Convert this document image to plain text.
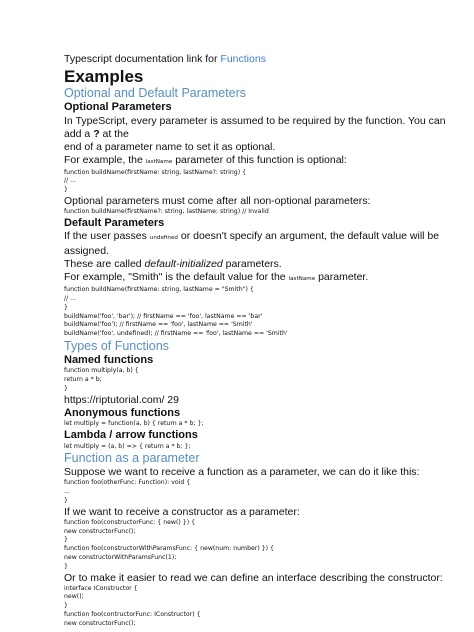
Typescript documentation link for Functions

Examples
Optional and Default Parameters
Optional Parameters

In TypeScript, every parameter is assumed to be required by the function. You can

add a ? at the

end of a parameter name to set it as optional.

For example, the lastName parameter of this function is optional:

function buildName(firstName: string, lastName?: string) {
// ...
}

Optional parameters must come after all non-optional parameters:

function buildName(firstName?: string, lastName: string) // Invalid
Default Parameters

If the user passes undefined or doesn't specify an argument, the default value will be

assigned.

These are called default-initialized parameters.

For example, "Smith" is the default value for the lastName parameter.

function buildName(firstName: string, lastName = "Smith") {
// ...
}
buildName('foo', 'bar'); // firstName == 'foo', lastName == 'bar'
buildName('foo'); // firstName == 'foo', lastName == 'Smith'
buildName('foo', undefined); // firstName == 'foo', lastName == 'Smith'
Types of Functions
Named functions
function multiply(a, b) {
return a * b;
}

https://riptutorial.com/ 29

Anonymous functions
let multiply = function(a, b) { return a * b; };
Lambda / arrow functions
let multiply = (a, b) => { return a * b; };
Function as a parameter

Suppose we want to receive a function as a parameter, we can do it like this:

function foo(otherFunc: Function): void {
...
}

If we want to receive a constructor as a parameter:

function foo(constructorFunc: { new() }) {
new constructorFunc();
}
function foo(constructorWithParamsFunc: { new(num: number) }) {
new constructorWithParamsFunc(1);
}

Or to make it easier to read we can define an interface describing the constructor:

interface IConstructor {
new();
}
function foo(contructorFunc: IConstructor) {
new constructorFunc();
